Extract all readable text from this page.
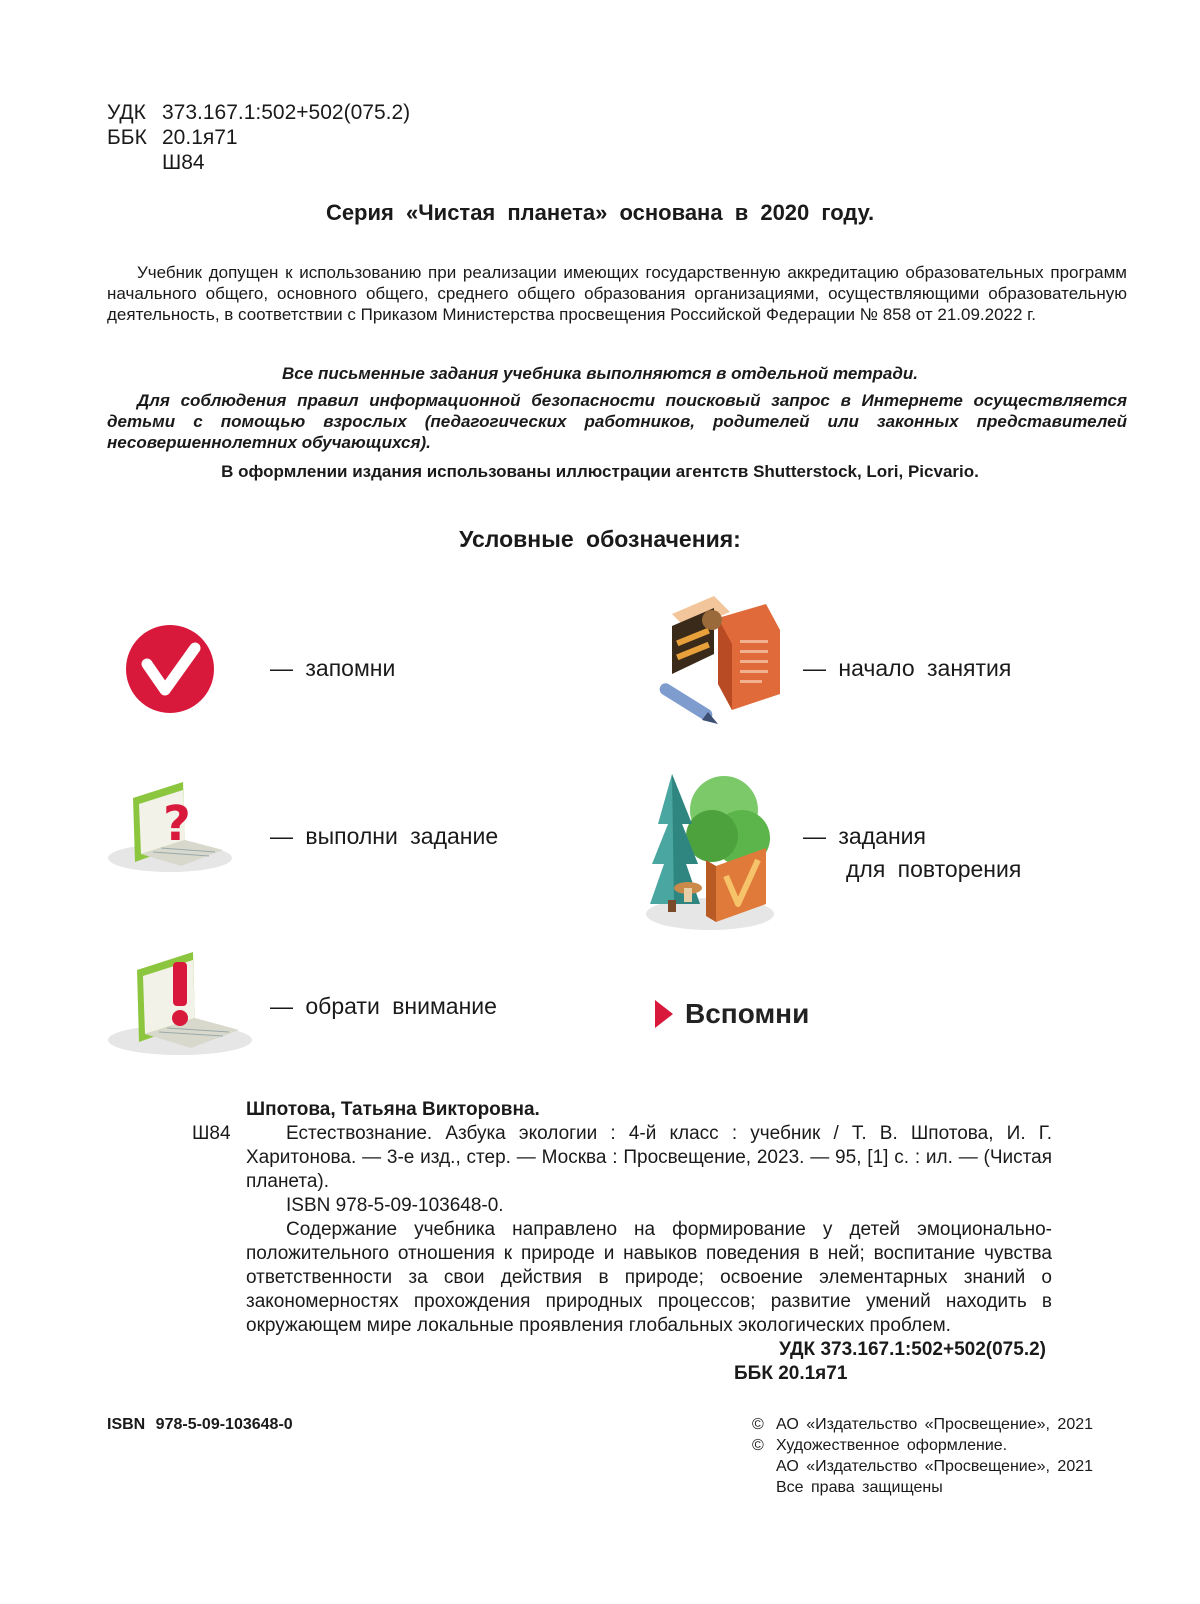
УДК 373.167.1:502+502(075.2)
ББК 20.1я71
Ш84
Серия «Чистая планета» основана в 2020 году.
Учебник допущен к использованию при реализации имеющих государственную аккредитацию образовательных программ начального общего, основного общего, среднего общего образования организациями, осуществляющими образовательную деятельность, в соответствии с Приказом Министерства просвещения Российской Федерации № 858 от 21.09.2022 г.
Все письменные задания учебника выполняются в отдельной тетради.
Для соблюдения правил информационной безопасности поисковый запрос в Интернете осуществляется детьми с помощью взрослых (педагогических работников, родителей или законных представителей несовершеннолетних обучающихся).
В оформлении издания использованы иллюстрации агентств Shutterstock, Lori, Picvario.
Условные обозначения:
— запомни	— начало занятия
?	— выполни задание	— задания
для повторения
— обрати внимание	Вспомни
Шпотова, Татьяна Викторовна.
Ш84	Естествознание. Азбука экологии : 4-й класс : учебник / Т. В. Шпотова, И. Г. Харитонова. — 3-е изд., стер. — Москва : Просвещение, 2023. — 95, [1] с. : ил. — (Чистая планета).
ISBN 978-5-09-103648-0.
Содержание учебника направлено на формирование у детей эмоционально-положительного отношения к природе и навыков поведения в ней; воспитание чувства ответственности за свои действия в природе; освоение элементарных знаний о закономерностях прохождения природных процессов; развитие умений находить в окружающем мире локальные проявления глобальных экологических проблем.
УДК 373.167.1:502+502(075.2)
ББК 20.1я71
ISBN 978-5-09-103648-0	© АО «Издательство «Просвещение», 2021
© Художественное оформление.
АО «Издательство «Просвещение», 2021
Все права защищены
